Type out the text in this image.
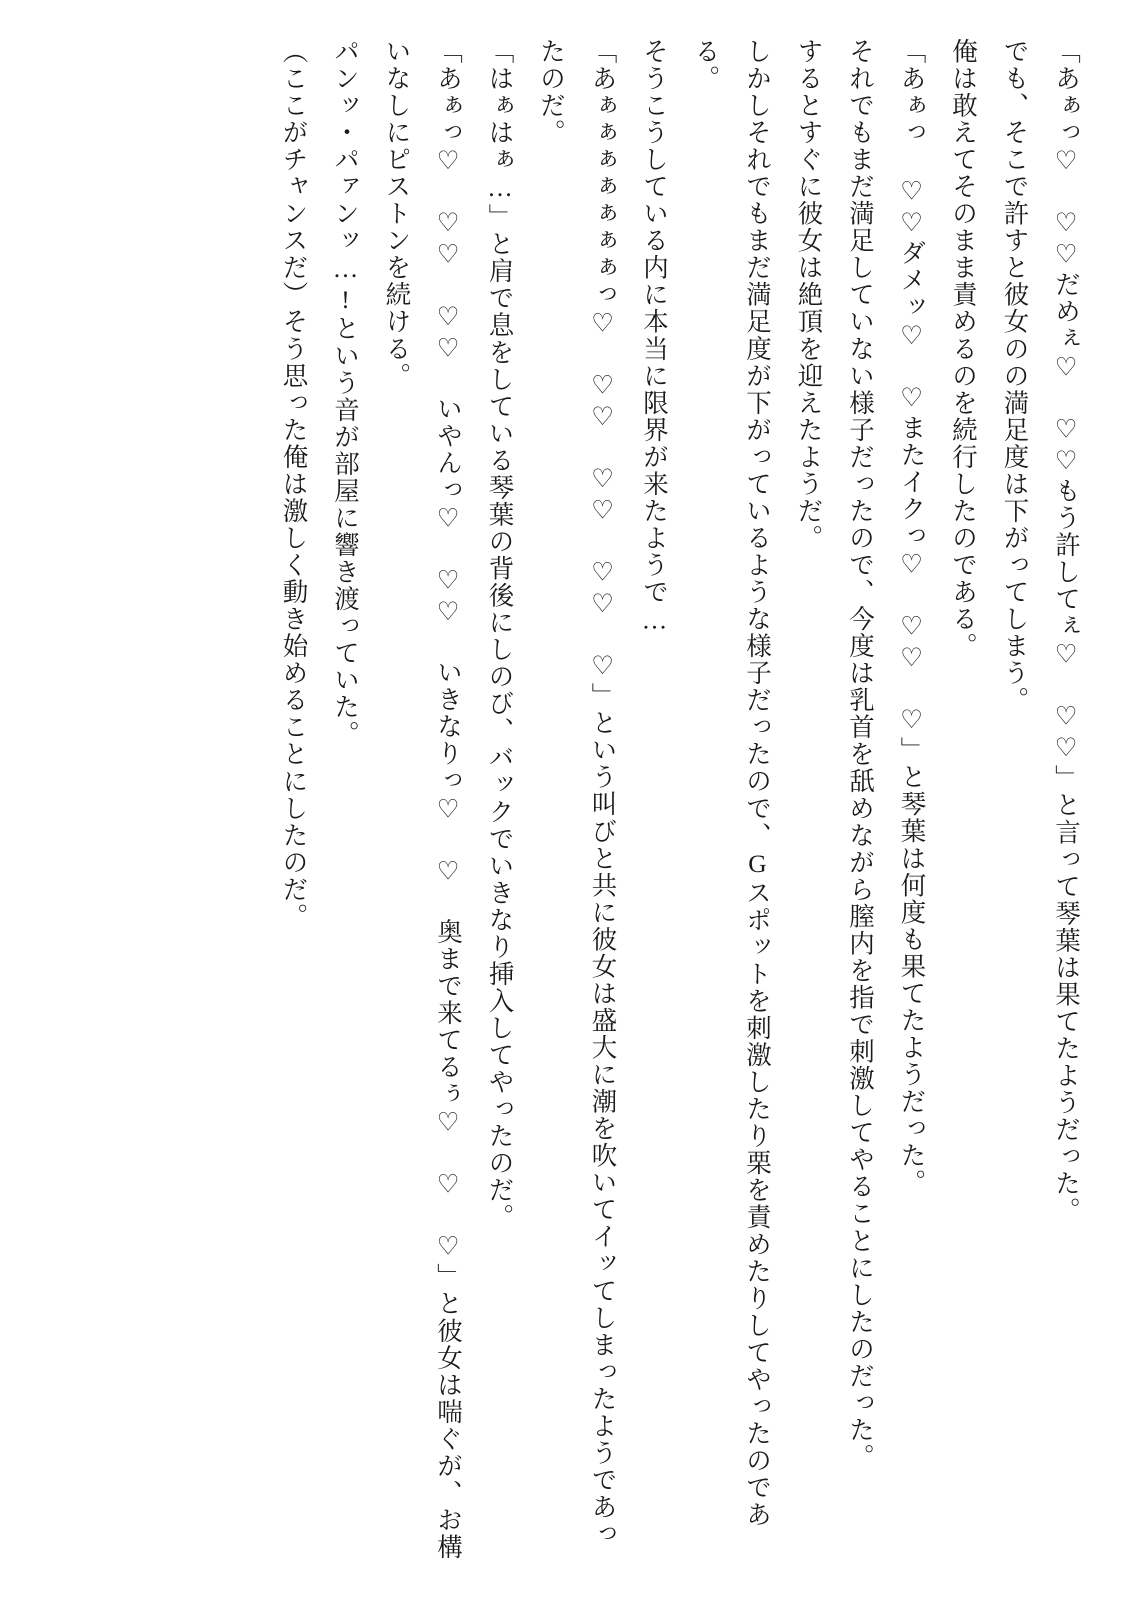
「あぁっ♡ ♡♡だめぇ♡ ♡♡もう許してぇ♡ ♡♡」と言って琴葉は果てたようだった。

でも、そこで許すと彼女のの満足度は下がってしまう。

俺は敢えてそのまま責めるのを続行したのである。

「あぁっ ♡♡ダメッ♡ ♡またイクっ♡ ♡♡ ♡」と琴葉は何度も果てたようだった。

それでもまだ満足していない様子だったので、今度は乳首を舐めながら膣内を指で刺激してやることにしたのだった。

するとすぐに彼女は絶頂を迎えたようだ。

しかしそれでもまだ満足度が下がっているような様子だったので、Gスポットを刺激したり栗を責めたりしてやったのである。

そうこうしている内に本当に限界が来たようで…

「あぁぁぁぁぁぁぁっ♡ ♡♡ ♡♡ ♡♡ ♡」という叫びと共に彼女は盛大に潮を吹いてイッてしまったようであったのだ。

「はぁはぁ…」と肩で息をしている琴葉の背後にしのび、バックでいきなり挿入してやったのだ。

「あぁっ♡ ♡♡ ♡♡ いやんっ♡ ♡♡ いきなりっ♡ ♡ 奥まで来てるぅ♡ ♡ ♡」と彼女は喘ぐが、お構いなしにピストンを続ける。

パンッ･パァンッ…!という音が部屋に響き渡っていた。

（ここがチャンスだ）そう思った俺は激しく動き始めることにしたのだ。
